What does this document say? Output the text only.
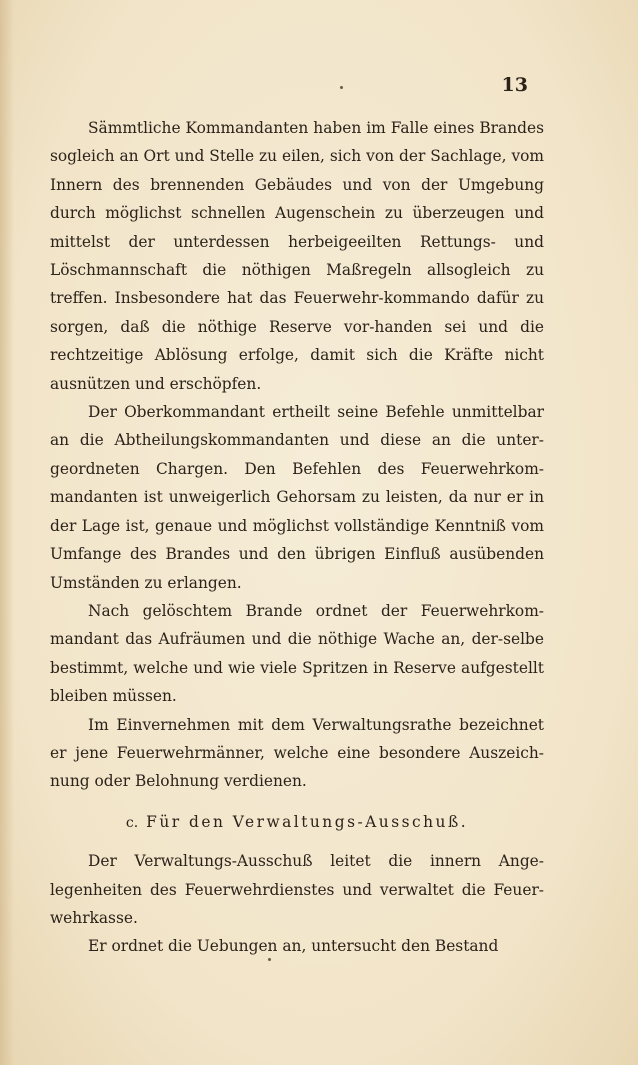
13

Sämmtliche Kommandanten haben im Falle eines Brandes sogleich an Ort und Stelle zu eilen, sich von der Sachlage, vom Innern des brennenden Gebäudes und von der Umgebung durch möglichst schnellen Augenschein zu überzeugen und mittelst der unterdessen herbeigeeilten Rettungs- und Löschmannschaft die nöthigen Maßregeln allsogleich zu treffen. Insbesondere hat das Feuerwehr-kommando dafür zu sorgen, daß die nöthige Reserve vor-handen sei und die rechtzeitige Ablösung erfolge, damit sich die Kräfte nicht ausnützen und erschöpfen.

Der Oberkommandant ertheilt seine Befehle unmittelbar an die Abtheilungskommandanten und diese an die unter-geordneten Chargen. Den Befehlen des Feuerwehrkom-mandanten ist unweigerlich Gehorsam zu leisten, da nur er in der Lage ist, genaue und möglichst vollständige Kenntniß vom Umfange des Brandes und den übrigen Einfluß ausübenden Umständen zu erlangen.

Nach gelöschtem Brande ordnet der Feuerwehrkom-mandant das Aufräumen und die nöthige Wache an, der-selbe bestimmt, welche und wie viele Spritzen in Reserve aufgestellt bleiben müssen.

Im Einvernehmen mit dem Verwaltungsrathe bezeichnet er jene Feuerwehrmänner, welche eine besondere Auszeich-nung oder Belohnung verdienen.

c. Für den Verwaltungs-Ausschuß.

Der Verwaltungs-Ausschuß leitet die innern Ange-legenheiten des Feuerwehrdienstes und verwaltet die Feuer-wehrkasse.

Er ordnet die Uebungen an, untersucht den Bestand
